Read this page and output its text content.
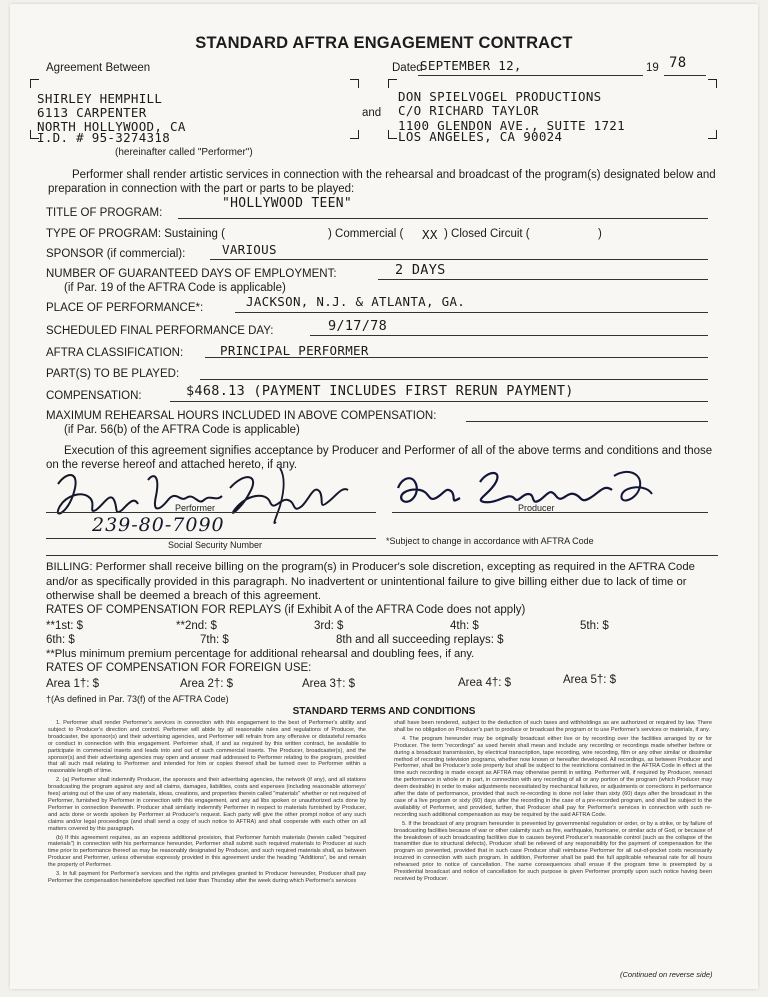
STANDARD AFTRA ENGAGEMENT CONTRACT
Agreement Between	Dated
SEPTEMBER 12,	19 78
SHIRLEY HEMPHILL
6113 CARPENTER
NORTH HOLLYWOOD, CA
I.D. # 95-3274318
(hereinafter called "Performer")
and
DON SPIELVOGEL PRODUCTIONS
C/O RICHARD TAYLOR
1100 GLENDON AVE., SUITE 1721
LOS ANGELES, CA 90024
Performer shall render artistic services in connection with the rehearsal and broadcast of the program(s) designated below and preparation in connection with the part or parts to be played:
TITLE OF PROGRAM:
"HOLLYWOOD TEEN"
TYPE OF PROGRAM: Sustaining (	) Commercial ( XX ) Closed Circuit (	)
SPONSOR (if commercial):	VARIOUS
NUMBER OF GUARANTEED DAYS OF EMPLOYMENT:	2 DAYS
(if Par. 19 of the AFTRA Code is applicable)
PLACE OF PERFORMANCE*:	JACKSON, N.J. & ATLANTA, GA.
SCHEDULED FINAL PERFORMANCE DAY:	9/17/78
AFTRA CLASSIFICATION:	PRINCIPAL PERFORMER
PART(S) TO BE PLAYED:
COMPENSATION:	$468.13 (PAYMENT INCLUDES FIRST RERUN PAYMENT)
MAXIMUM REHEARSAL HOURS INCLUDED IN ABOVE COMPENSATION:
(if Par. 56(b) of the AFTRA Code is applicable)
Execution of this agreement signifies acceptance by Producer and Performer of all of the above terms and conditions and those on the reverse hereof and attached hereto, if any.
Performer	Producer
239-80-7090
Social Security Number	*Subject to change in accordance with AFTRA Code
BILLING: Performer shall receive billing on the program(s) in Producer's sole discretion, excepting as required in the AFTRA Code and/or as specifically provided in this paragraph. No inadvertent or unintentional failure to give billing either due to lack of time or otherwise shall be deemed a breach of this agreement.
RATES OF COMPENSATION FOR REPLAYS (if Exhibit A of the AFTRA Code does not apply)
**1st: $	**2nd: $	3rd: $	4th: $	5th: $
6th: $	7th: $	8th and all succeeding replays: $
**Plus minimum premium percentage for additional rehearsal and doubling fees, if any.
RATES OF COMPENSATION FOR FOREIGN USE:
Area 1†: $	Area 2†: $	Area 3†: $	Area 4†: $	Area 5†: $
†(As defined in Par. 73(f) of the AFTRA Code)
STANDARD TERMS AND CONDITIONS

1. Performer shall render Performer's services in connection with this engagement to the best of Performer's ability and subject to Producer's direction and control. Performer will abide by all reasonable rules and regulations of Producer, the broadcaster, the sponsor(s) and their advertising agencies, and Performer will refrain from any offensive or distasteful remarks or conduct in connection with this engagement. Performer shall, if and as required by this written contract, be available to participate in commercial inserts and leads into and out of such commercial inserts. The Producer, broadcaster(s), and the sponsor(s) and their advertising agencies may open and answer mail addressed to Performer relating to the program, provided that all such mail relating to Performer and intended for him or copies thereof shall be turned over to Performer within a reasonable length of time.

2. (a) Performer shall indemnify Producer, the sponsors and their advertising agencies, the network (if any), and all stations broadcasting the program against any and all claims, damages, liabilities, costs and expenses (including reasonable attorneys' fees) arising out of the use of any materials, ideas, creations, and properties therein called "materials" whether or not required of Performer, furnished by Performer in connection with this engagement, and any ad libs spoken or unauthorized acts done by Performer in connection therewith. Producer shall similarly indemnify Performer in respect to materials furnished by Producer, and acts done or words spoken by Performer at Producer's request. Each party will give the other prompt notice of any such claims and/or legal proceedings (and shall send a copy of such notice to AFTRA) and shall cooperate with each other on all matters covered by this paragraph.

(b) If this agreement requires, as an express additional provision, that Performer furnish materials (herein called "required materials") in connection with his performance hereunder, Performer shall submit such required materials to Producer at such time prior to performance thereof as may be reasonably designated by Producer, and such required materials shall, as between Producer and Performer, unless otherwise expressly provided in this agreement under the heading "Additions", be and remain the property of Performer.

3. In full payment for Performer's services and the rights and privileges granted to Producer hereunder, Producer shall pay Performer the compensation hereinbefore specified not later than Thursday after the week during which Performer's services

shall have been rendered, subject to the deduction of such taxes and withholdings as are authorized or required by law. There shall be no obligation on Producer's part to produce or broadcast the program or to use Performer's services or materials, if any.

4. The program hereunder may be originally broadcast either live or by recording over the facilities arranged by or for Producer. The term "recordings" as used herein shall mean and include any recording or recordings made whether before or during a broadcast transmission, by electrical transcription, tape recording, wire recording, film or any other similar or dissimilar method of recording television programs, whether now known or hereafter developed. All recordings, as between Producer and Performer, shall be Producer's sole property but shall be subject to the restrictions contained in the AFTRA Code in effect at the time such recording is made except as AFTRA may otherwise permit in writing. Performer will, if required by Producer, reenact the performance in whole or in part, in connection with any recording of all or any portion of the program (which Producer may deem desirable) in order to make adjustments necessitated by mechanical failures, or adjustments or corrections in performance after the date of performance, provided that such re-recording is done not later than sixty (60) days after the broadcast in the case of a live program or sixty (60) days after the recording in the case of a pre-recorded program, and shall be subject to the availability of Performer, and provided, further, that Producer shall pay for Performer's services in connection with such re-recording such additional compensation as may be required by the said AFTRA Code.

5. If the broadcast of any program hereunder is prevented by governmental regulation or order, or by a strike, or by failure of broadcasting facilities because of war or other calamity such as fire, earthquake, hurricane, or similar acts of God, or because of the breakdown of such broadcasting facilities due to causes beyond Producer's reasonable control (such as the collapse of the transmitter due to structural defects), Producer shall be relieved of any responsibility for the payment of compensation for the program so prevented, provided that in such case Producer shall reimburse Performer for all out-of-pocket costs necessarily incurred in connection with such program. In addition, Performer shall be paid the full applicable rehearsal rate for all hours rehearsed prior to notice of cancellation. The same consequences shall ensue if the program time is preempted by a Presidential broadcast and notice of cancellation for such purpose is given Performer promptly upon such notice having been received by Producer.

(Continued on reverse side)
